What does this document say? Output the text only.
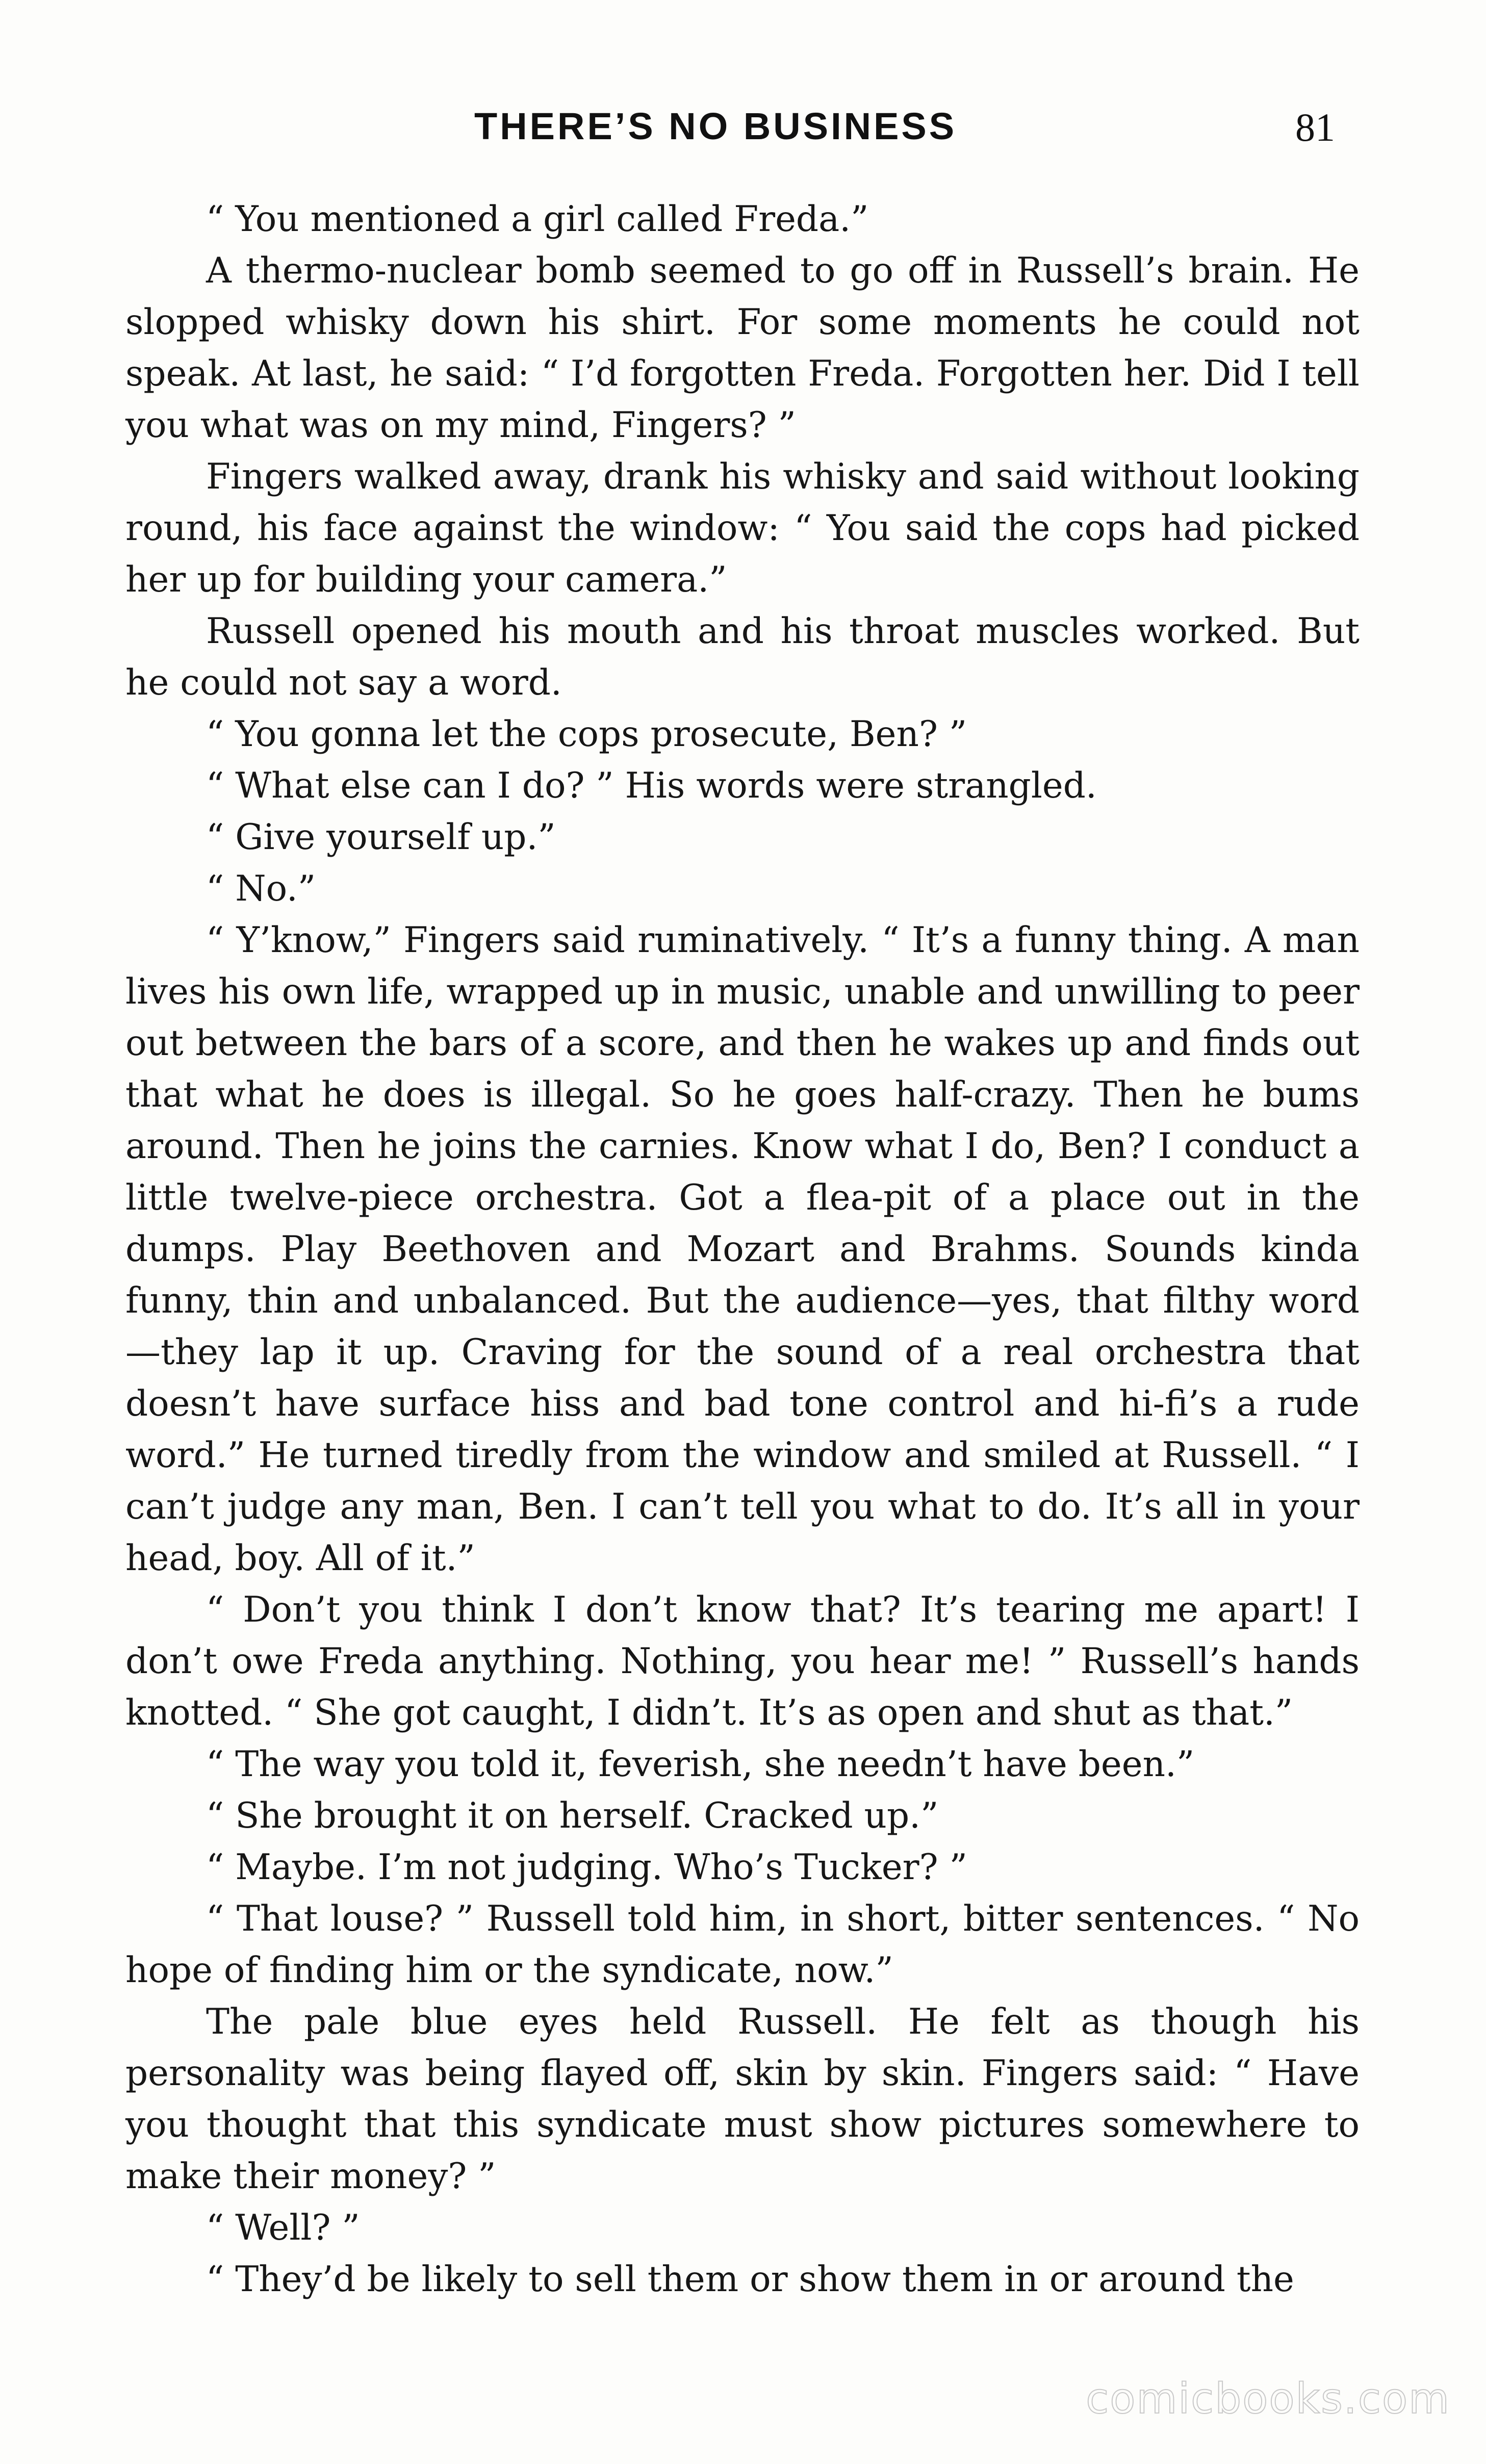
THERE’S NO BUSINESS	81

“ You mentioned a girl called Freda.”

A thermo-nuclear bomb seemed to go off in Russell’s brain. He slopped whisky down his shirt. For some moments he could not speak. At last, he said: “ I’d forgotten Freda. Forgotten her. Did I tell you what was on my mind, Fingers? ”

Fingers walked away, drank his whisky and said without looking round, his face against the window: “ You said the cops had picked her up for building your camera.”

Russell opened his mouth and his throat muscles worked. But he could not say a word.

“ You gonna let the cops prosecute, Ben? ”

“ What else can I do? ” His words were strangled.

“ Give yourself up.”

“ No.”

“ Y’know,” Fingers said ruminatively. “ It’s a funny thing. A man lives his own life, wrapped up in music, unable and unwilling to peer out between the bars of a score, and then he wakes up and finds out that what he does is illegal. So he goes half-crazy. Then he bums around. Then he joins the carnies. Know what I do, Ben? I conduct a little twelve-piece orchestra. Got a flea-pit of a place out in the dumps. Play Beethoven and Mozart and Brahms. Sounds kinda funny, thin and unbalanced. But the audience—yes, that filthy word—they lap it up. Craving for the sound of a real orchestra that doesn’t have surface hiss and bad tone control and hi-fi’s a rude word.” He turned tiredly from the window and smiled at Russell. “ I can’t judge any man, Ben. I can’t tell you what to do. It’s all in your head, boy. All of it.”

“ Don’t you think I don’t know that? It’s tearing me apart! I don’t owe Freda anything. Nothing, you hear me! ” Russell’s hands knotted. “ She got caught, I didn’t. It’s as open and shut as that.”

“ The way you told it, feverish, she needn’t have been.”

“ She brought it on herself. Cracked up.”

“ Maybe. I’m not judging. Who’s Tucker? ”

“ That louse? ” Russell told him, in short, bitter sentences. “ No hope of finding him or the syndicate, now.”

The pale blue eyes held Russell. He felt as though his personality was being flayed off, skin by skin. Fingers said: “ Have you thought that this syndicate must show pictures somewhere to make their money? ”

“ Well? ”

“ They’d be likely to sell them or show them in or around the

comicbooks.com
